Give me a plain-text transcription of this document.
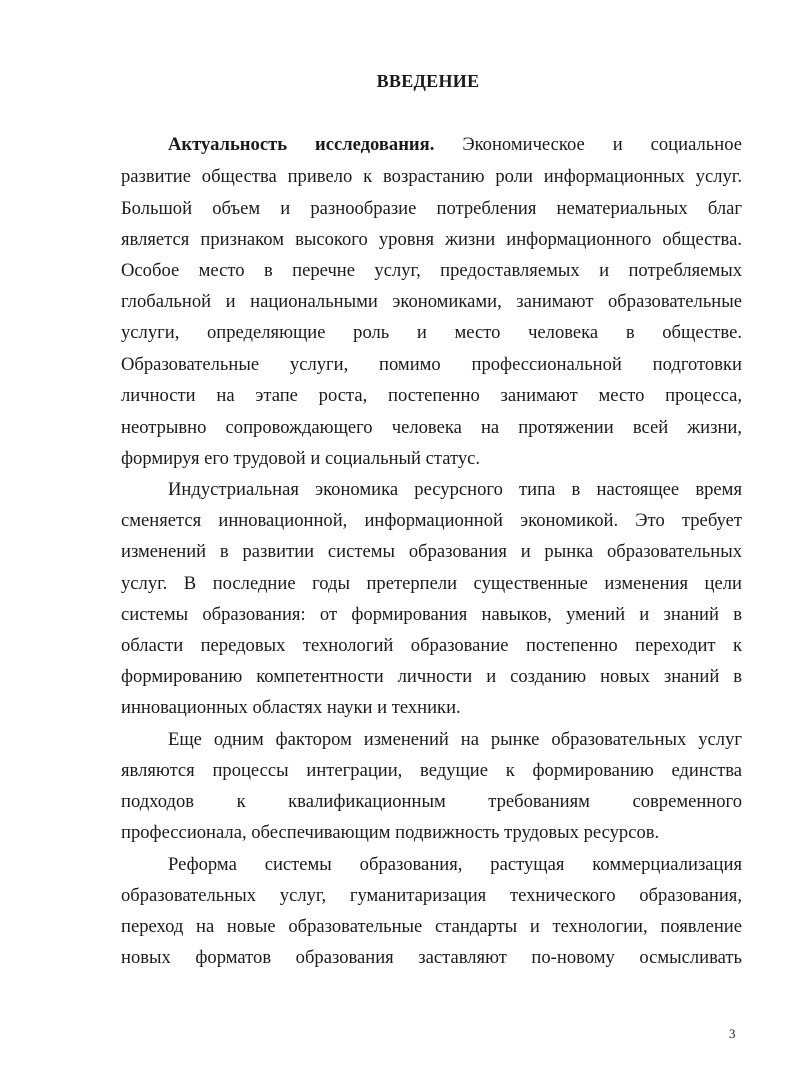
ВВЕДЕНИЕ
Актуальность исследования. Экономическое и социальное
развитие общества привело к возрастанию роли информационных услуг.
Большой объем и разнообразие потребления нематериальных благ
является признаком высокого уровня жизни информационного общества.
Особое место в перечне услуг, предоставляемых и потребляемых
глобальной и национальными экономиками, занимают образовательные
услуги, определяющие роль и место человека в обществе.
Образовательные услуги, помимо профессиональной подготовки
личности на этапе роста, постепенно занимают место процесса,
неотрывно сопровождающего человека на протяжении всей жизни,
формируя его трудовой и социальный статус.
Индустриальная экономика ресурсного типа в настоящее время
сменяется инновационной, информационной экономикой. Это требует
изменений в развитии системы образования и рынка образовательных
услуг. В последние годы претерпели существенные изменения цели
системы образования: от формирования навыков, умений и знаний в
области передовых технологий образование постепенно переходит к
формированию компетентности личности и созданию новых знаний в
инновационных областях науки и техники.
Еще одним фактором изменений на рынке образовательных услуг
являются процессы интеграции, ведущие к формированию единства
подходов к квалификационным требованиям современного
профессионала, обеспечивающим подвижность трудовых ресурсов.
Реформа системы образования, растущая коммерциализация
образовательных услуг, гуманитаризация технического образования,
переход на новые образовательные стандарты и технологии, появление
новых форматов образования заставляют по-новому осмысливать
3
